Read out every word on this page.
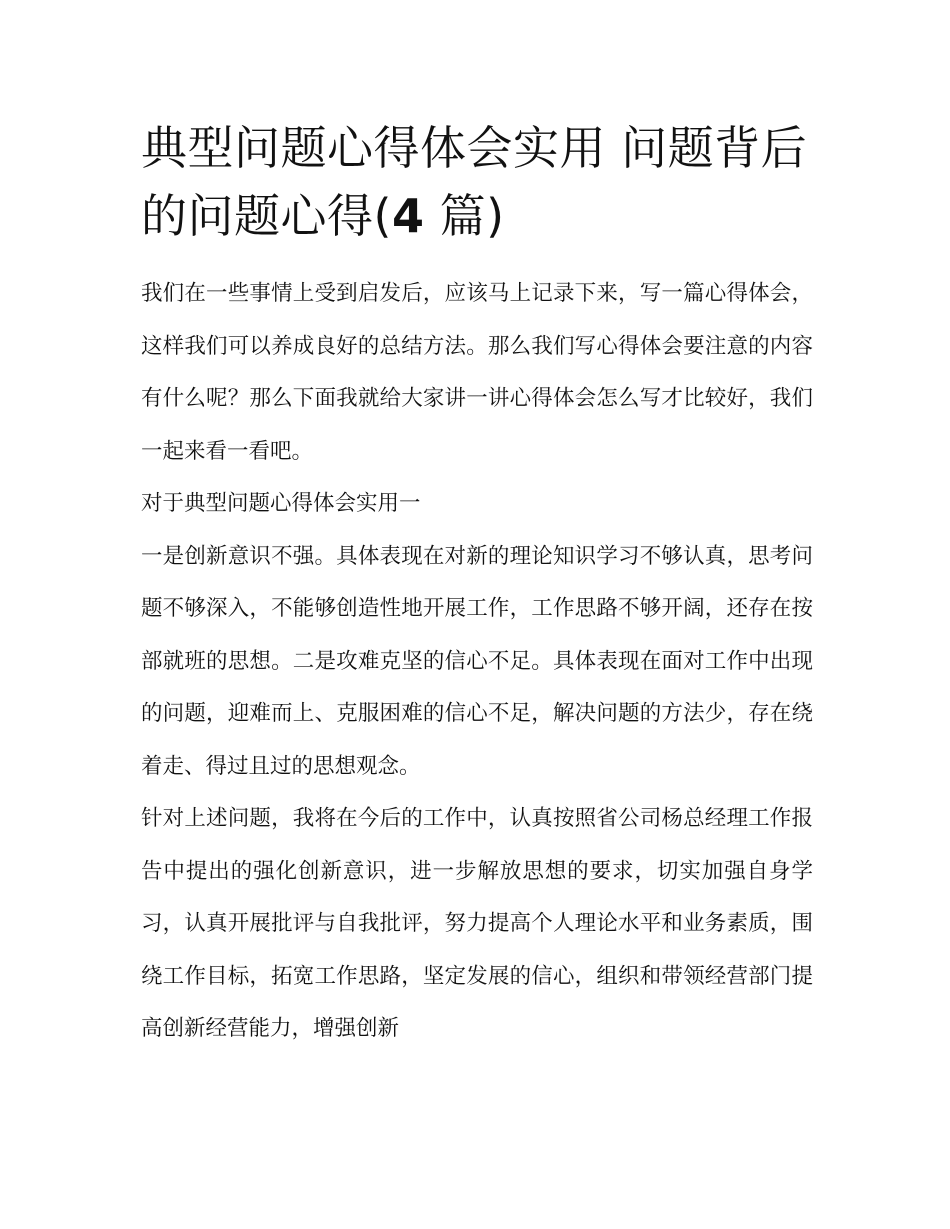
典型问题心得体会实用 问题背后的问题心得(4 篇)

我们在一些事情上受到启发后，应该马上记录下来，写一篇心得体会，这样我们可以养成良好的总结方法。那么我们写心得体会要注意的内容有什么呢？那么下面我就给大家讲一讲心得体会怎么写才比较好，我们一起来看一看吧。

对于典型问题心得体会实用一

一是创新意识不强。具体表现在对新的理论知识学习不够认真，思考问题不够深入，不能够创造性地开展工作，工作思路不够开阔，还存在按部就班的思想。二是攻难克坚的信心不足。具体表现在面对工作中出现的问题，迎难而上、克服困难的信心不足，解决问题的方法少，存在绕着走、得过且过的思想观念。

针对上述问题，我将在今后的工作中，认真按照省公司杨总经理工作报告中提出的强化创新意识，进一步解放思想的要求，切实加强自身学习，认真开展批评与自我批评，努力提高个人理论水平和业务素质，围绕工作目标，拓宽工作思路，坚定发展的信心，组织和带领经营部门提高创新经营能力，增强创新
